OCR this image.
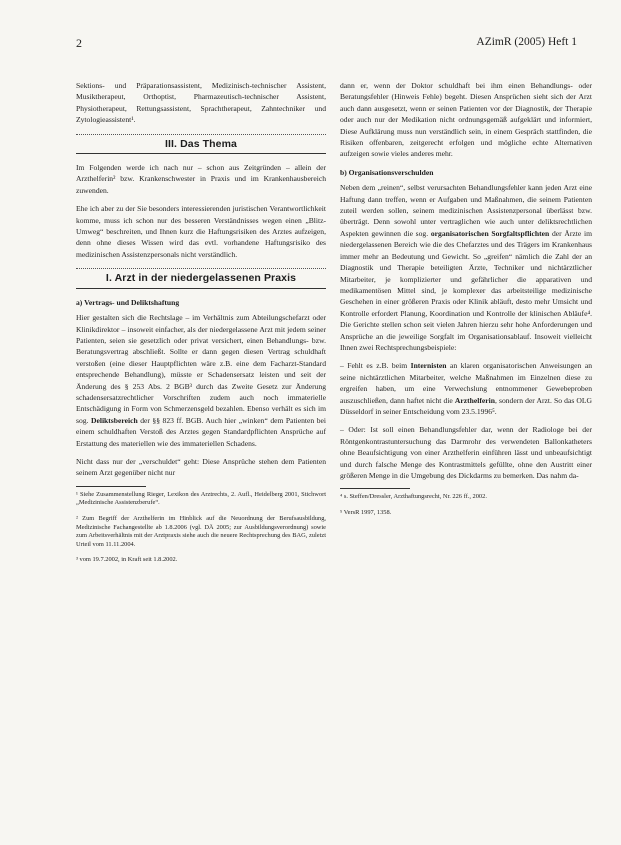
2	AZimR (2005) Heft 1

Sektions- und Präparationsassistent, Medizinisch-technischer Assistent, Musiktherapeut, Orthoptist, Pharmazeutisch-technischer Assistent, Physiotherapeut, Rettungsassistent, Sprachtherapeut, Zahntechniker und Zytologieassistent¹.

III. Das Thema

Im Folgenden werde ich nach nur – schon aus Zeitgründen – allein der Arzthelferin² bzw. Krankenschwester in Praxis und im Krankenhausbereich zuwenden.

Ehe ich aber zu der Sie besonders interessierenden juristischen Verantwortlichkeit komme, muss ich schon nur des besseren Verständnisses wegen einen „Blitz-Umweg“ beschreiten, und Ihnen kurz die Haftungsrisiken des Arztes aufzeigen, denn ohne dieses Wissen wird das evtl. vorhandene Haftungsrisiko des medizinischen Assistenzpersonals nicht verständlich.

I. Arzt in der niedergelassenen Praxis
a) Vertrags- und Deliktshaftung

Hier gestalten sich die Rechtslage – im Verhältnis zum Abteilungschefarzt oder Klinikdirektor – insoweit einfacher, als der niedergelassene Arzt mit jedem seiner Patienten, seien sie gesetzlich oder privat versichert, einen Behandlungs- bzw. Beratungsvertrag abschließt. Sollte er dann gegen diesen Vertrag schuldhaft verstoßen (eine dieser Hauptpflichten wäre z.B. eine dem Facharzt-Standard entsprechende Behandlung), müsste er Schadensersatz leisten und seit der Änderung des § 253 Abs. 2 BGB³ durch das Zweite Gesetz zur Änderung schadensersatzrechtlicher Vorschriften zudem auch noch immaterielle Entschädigung in Form von Schmerzensgeld bezahlen. Ebenso verhält es sich im sog. Deliktsbereich der §§ 823 ff. BGB. Auch hier „winken“ dem Patienten bei einem schuldhaften Verstoß des Arztes gegen Standardpflichten Ansprüche auf Erstattung des materiellen wie des immateriellen Schadens.

Nicht dass nur der „verschuldet“ geht: Diese Ansprüche stehen dem Patienten seinem Arzt gegenüber nicht nur

¹ Siehe Zusammenstellung Rieger, Lexikon des Arztrechts, 2. Aufl., Heidelberg 2001, Stichwort „Medizinische Assistenzberufe“.

² Zum Begriff der Arzthelferin im Hinblick auf die Neuordnung der Berufsausbildung, Medizinische Fachangestellte ab 1.8.2006 (vgl. DÄ 2005; zur Ausbildungsverordnung) sowie zum Arbeitsverhältnis mit der Arztpraxis siehe auch die neuere Rechtsprechung des BAG, zuletzt Urteil vom 11.11.2004.

³ vom 19.7.2002, in Kraft seit 1.8.2002.

dann er, wenn der Doktor schuldhaft bei ihm einen Behandlungs- oder Beratungsfehler (Hinweis Fehle) begeht. Diesen Ansprüchen sieht sich der Arzt auch dann ausgesetzt, wenn er seinen Patienten vor der Diagnostik, der Therapie oder auch nur der Medikation nicht ordnungsgemäß aufgeklärt und informiert, Diese Aufklärung muss nun verständlich sein, in einem Gespräch stattfinden, die Risiken offenbaren, zeitgerecht erfolgen und mögliche echte Alternativen aufzeigen sowie vieles anderes mehr.

b) Organisationsverschulden

Neben dem „reinen“, selbst verursachten Behandlungsfehler kann jeden Arzt eine Haftung dann treffen, wenn er Aufgaben und Maßnahmen, die seinem Patienten zuteil werden sollen, seinem medizinischen Assistenzpersonal überlässt bzw. überträgt. Denn sowohl unter vertraglichen wie auch unter deliktsrechtlichen Aspekten gewinnen die sog. organisatorischen Sorgfaltspflichten der Ärzte im niedergelassenen Bereich wie die des Chefarztes und des Trägers im Krankenhaus immer mehr an Bedeutung und Gewicht. So „greifen“ nämlich die Zahl der an Diagnostik und Therapie beteiligten Ärzte, Techniker und nichtärztlicher Mitarbeiter, je komplizierter und gefährlicher die apparativen und medikamentösen Mittel sind, je komplexer das arbeitsteilige medizinische Geschehen in einer größeren Praxis oder Klinik abläuft, desto mehr Umsicht und Kontrolle erfordert Planung, Koordination und Kontrolle der klinischen Abläufe⁴. Die Gerichte stellen schon seit vielen Jahren hierzu sehr hohe Anforderungen und Ansprüche an die jeweilige Sorgfalt im Organisationsablauf. Insoweit vielleicht Ihnen zwei Rechtsprechungsbeispiele:

– Fehlt es z.B. beim Internisten an klaren organisatorischen Anweisungen an seine nichtärztlichen Mitarbeiter, welche Maßnahmen im Einzelnen diese zu ergreifen haben, um eine Verwechslung entnommener Gewebeproben auszuschließen, dann haftet nicht die Arzthelferin, sondern der Arzt. So das OLG Düsseldorf in seiner Entscheidung vom 23.5.1996⁵.

– Oder: Ist soll einen Behandlungsfehler dar, wenn der Radiologe bei der Röntgenkontrastuntersuchung das Darmrohr des verwendeten Ballonkatheters ohne Beaufsichtigung von einer Arzthelferin einführen lässt und unbeaufsichtigt und durch falsche Menge des Kontrastmittels gefüllte, ohne den Austritt einer größeren Menge in die Umgebung des Dickdarms zu bemerken. Das nahm da-

⁴ s. Steffen/Dressler, Arzthaftungsrecht, Nr. 226 ff., 2002.

⁵ VersR 1997, 1358.
